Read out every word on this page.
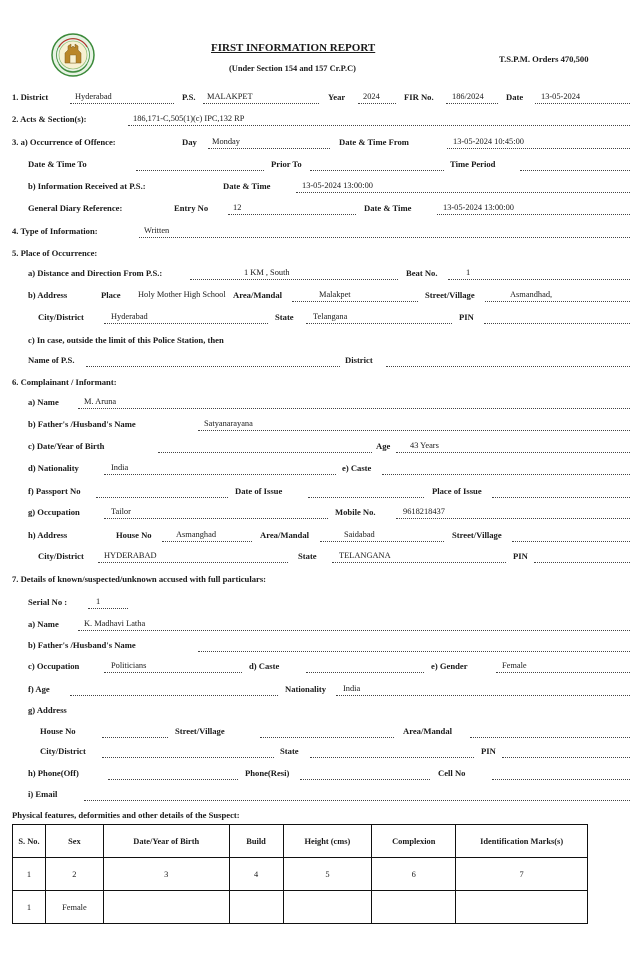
FIRST INFORMATION REPORT
(Under Section 154 and 157 Cr.P.C)
T.S.P.M. Orders 470,500
1. District	Hyderabad	P.S. MALAKPET	Year 2024	FIR No. 186/2024	Date 13-05-2024
2. Acts & Section(s):	186,171-C,505(1)(c) IPC,132 RP
3. a) Occurrence of Offence:	Day Monday	Date & Time From	13-05-2024 10:45:00
Date & Time To	Prior To	Time Period
b) Information Received at P.S.:	Date & Time	13-05-2024 13:00:00
General Diary Reference:	Entry No	12	Date & Time	13-05-2024 13:00:00
4. Type of Information:	Written
5. Place of Occurrence:
a) Distance and Direction From P.S.:	1 KM , South	Beat No.	1
b) Address	Place Holy Mother High School Area/Mandal	Malakpet	Street/Village	Asmandhad,
City/District	Hyderabad	State Telangana	PIN
c) In case, outside the limit of this Police Station, then
Name of P.S.	District
6. Complainant / Informant:
a) Name	M. Aruna
b) Father's /Husband's Name	Satyanarayana
c) Date/Year of Birth	Age 43 Years
d) Nationality	India	e) Caste
f) Passport No	Date of Issue	Place of Issue
g) Occupation	Tailor	Mobile No.	9618218437
h) Address	House No	Asmanghad	Area/Mandal	Saidabad	Street/Village
City/District HYDERABAD	State	TELANGANA	PIN
7. Details of known/suspected/unknown accused with full particulars:
Serial No :	1
a) Name	K. Madhavi Latha
b) Father's /Husband's Name
c) Occupation	Politicians	d) Caste	e) Gender	Female
f) Age	Nationality India
g) Address
House No	Street/Village	Area/Mandal
City/District	State	PIN
h) Phone(Off)	Phone(Resi)	Cell No
i) Email
Physical features, deformities and other details of the Suspect:
S. No.	Sex	Date/Year of Birth	Build	Height (cms)	Complexion	Identification Marks(s)
1	2	3	4	5	6	7
1	Female					
